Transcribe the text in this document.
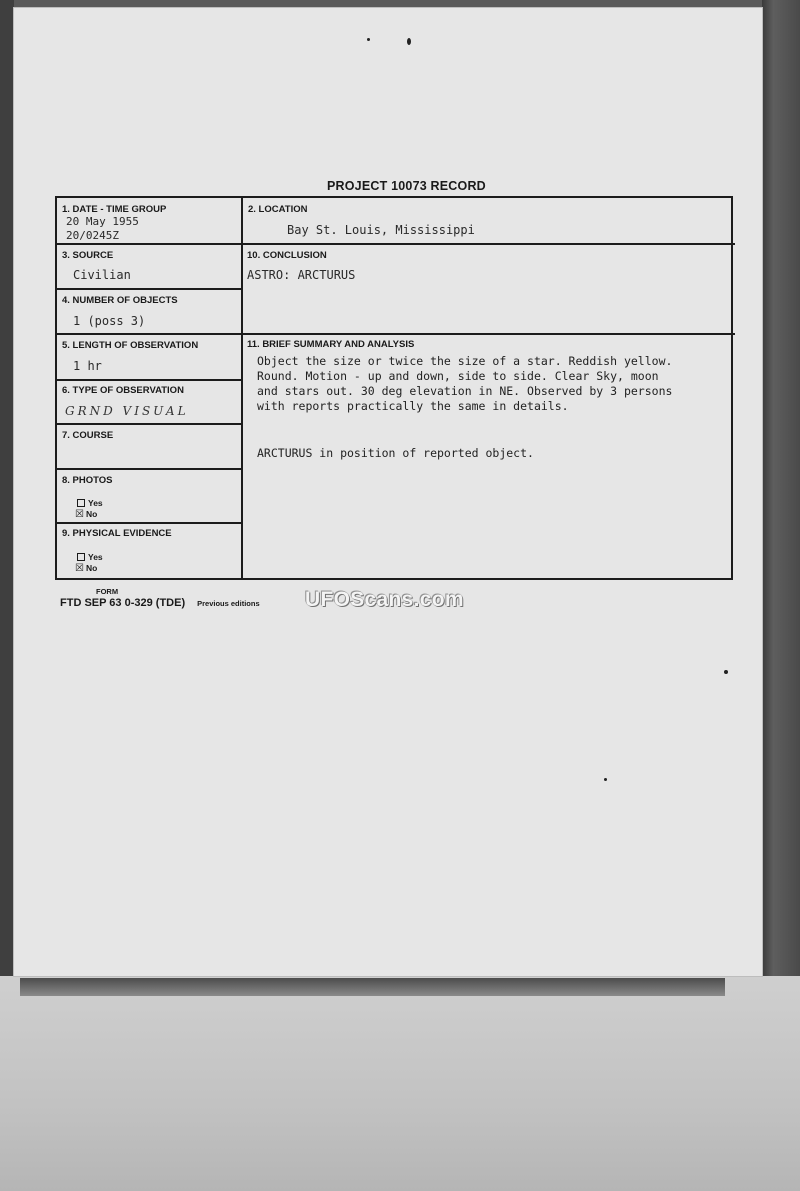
PROJECT 10073 RECORD
1. DATE - TIME GROUP
20 May 1955
20/0245Z
2. LOCATION
Bay St. Louis, Mississippi
3. SOURCE
Civilian
10. CONCLUSION
ASTRO: ARCTURUS
4. NUMBER OF OBJECTS
1 (poss 3)
5. LENGTH OF OBSERVATION
1 hr
6. TYPE OF OBSERVATION
GRND VISUAL
7. COURSE
8. PHOTOS
Yes
☒ No
9. PHYSICAL EVIDENCE
Yes
☒ No
11. BRIEF SUMMARY AND ANALYSIS
Object the size or twice the size of a star. Reddish yellow.
Round. Motion - up and down, side to side. Clear Sky, moon
and stars out. 30 deg elevation in NE. Observed by 3 persons
with reports practically the same in details.
ARCTURUS in position of reported object.
FORM
FTD SEP 63 0-329 (TDE) Previous editions UFOScans.com
